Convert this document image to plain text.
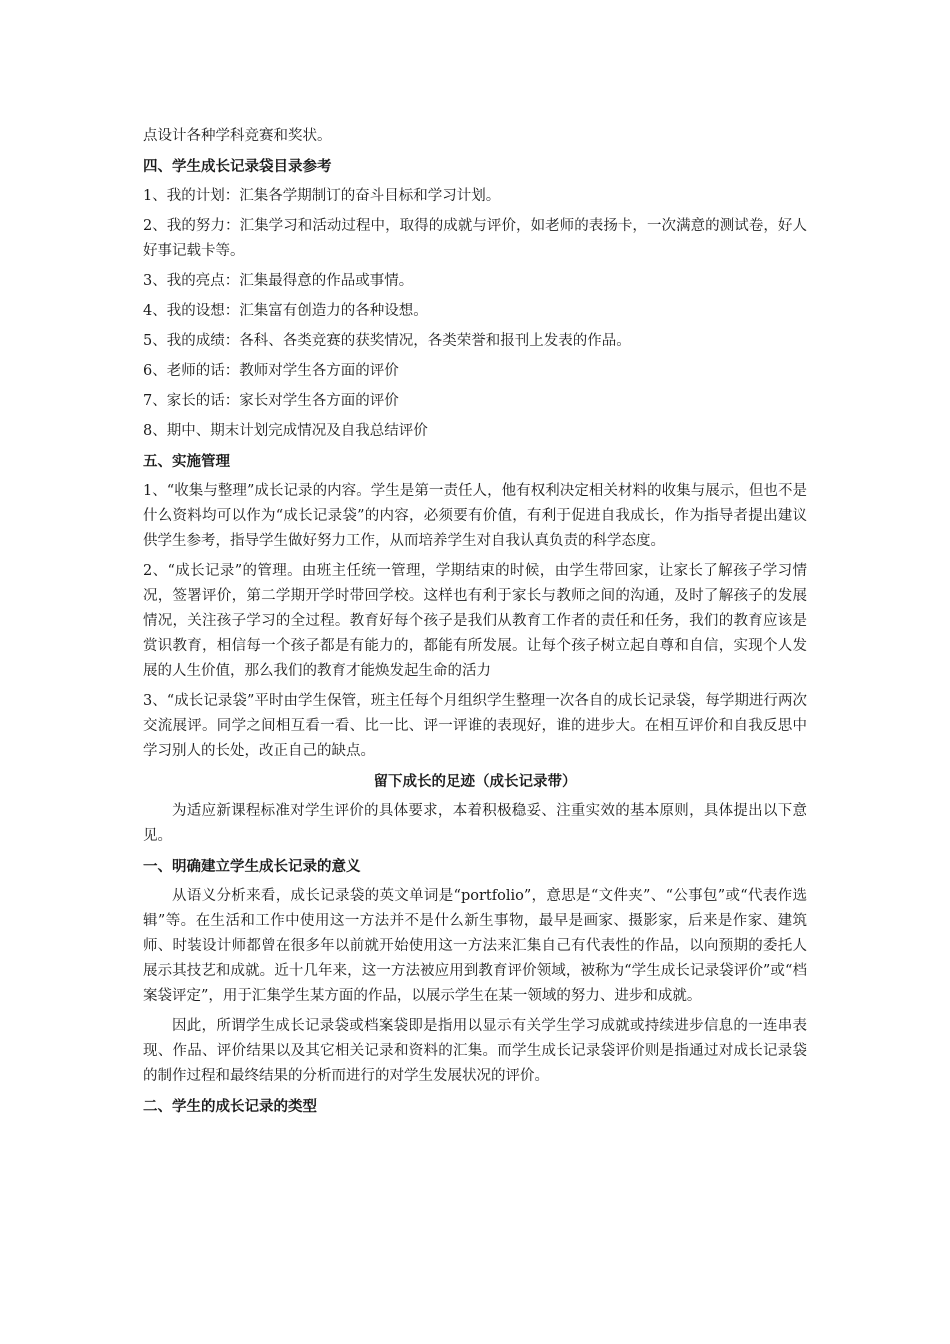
点设计各种学科竞赛和奖状。

四、学生成长记录袋目录参考

1、我的计划：汇集各学期制订的奋斗目标和学习计划。

2、我的努力：汇集学习和活动过程中，取得的成就与评价，如老师的表扬卡，一次满意的测试卷，好人好事记载卡等。

3、我的亮点：汇集最得意的作品或事情。

4、我的设想：汇集富有创造力的各种设想。

5、我的成绩：各科、各类竞赛的获奖情况，各类荣誉和报刊上发表的作品。

6、老师的话：教师对学生各方面的评价

7、家长的话：家长对学生各方面的评价

8、期中、期末计划完成情况及自我总结评价

五、实施管理

1、“收集与整理”成长记录的内容。学生是第一责任人，他有权利决定相关材料的收集与展示，但也不是什么资料均可以作为“成长记录袋”的内容，必须要有价值，有利于促进自我成长，作为指导者提出建议供学生参考，指导学生做好努力工作，从而培养学生对自我认真负责的科学态度。

2、“成长记录”的管理。由班主任统一管理，学期结束的时候，由学生带回家，让家长了解孩子学习情况，签署评价，第二学期开学时带回学校。这样也有利于家长与教师之间的沟通，及时了解孩子的发展情况，关注孩子学习的全过程。教育好每个孩子是我们从教育工作者的责任和任务，我们的教育应该是赏识教育，相信每一个孩子都是有能力的，都能有所发展。让每个孩子树立起自尊和自信，实现个人发展的人生价值，那么我们的教育才能焕发起生命的活力

3、“成长记录袋”平时由学生保管，班主任每个月组织学生整理一次各自的成长记录袋，每学期进行两次交流展评。同学之间相互看一看、比一比、评一评谁的表现好，谁的进步大。在相互评价和自我反思中学习别人的长处，改正自己的缺点。

留下成长的足迹（成长记录带）

为适应新课程标准对学生评价的具体要求，本着积极稳妥、注重实效的基本原则，具体提出以下意见。

一、明确建立学生成长记录的意义

从语义分析来看，成长记录袋的英文单词是“portfolio”，意思是“文件夹”、“公事包”或“代表作选辑”等。在生活和工作中使用这一方法并不是什么新生事物，最早是画家、摄影家，后来是作家、建筑师、时装设计师都曾在很多年以前就开始使用这一方法来汇集自己有代表性的作品，以向预期的委托人展示其技艺和成就。近十几年来，这一方法被应用到教育评价领域，被称为“学生成长记录袋评价”或“档案袋评定”，用于汇集学生某方面的作品，以展示学生在某一领域的努力、进步和成就。

因此，所谓学生成长记录袋或档案袋即是指用以显示有关学生学习成就或持续进步信息的一连串表现、作品、评价结果以及其它相关记录和资料的汇集。而学生成长记录袋评价则是指通过对成长记录袋的制作过程和最终结果的分析而进行的对学生发展状况的评价。

二、学生的成长记录的类型
